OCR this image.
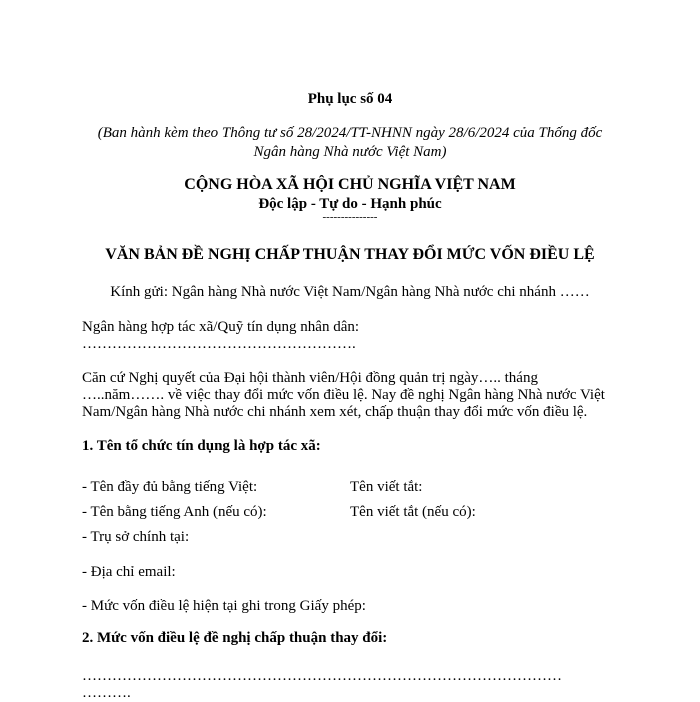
Phụ lục số 04
(Ban hành kèm theo Thông tư số 28/2024/TT-NHNN ngày 28/6/2024 của Thống đốc
Ngân hàng Nhà nước Việt Nam)
CỘNG HÒA XÃ HỘI CHỦ NGHĨA VIỆT NAM
Độc lập - Tự do - Hạnh phúc
---------------
VĂN BẢN ĐỀ NGHỊ CHẤP THUẬN THAY ĐỔI MỨC VỐN ĐIỀU LỆ
Kính gửi: Ngân hàng Nhà nước Việt Nam/Ngân hàng Nhà nước chi nhánh ……
Ngân hàng hợp tác xã/Quỹ tín dụng nhân dân:
……………………………………………….
Căn cứ Nghị quyết của Đại hội thành viên/Hội đồng quản trị ngày….. tháng
…..năm……. về việc thay đổi mức vốn điều lệ. Nay đề nghị Ngân hàng Nhà nước Việt
Nam/Ngân hàng Nhà nước chi nhánh xem xét, chấp thuận thay đổi mức vốn điều lệ.
1. Tên tổ chức tín dụng là hợp tác xã:
- Tên đầy đủ bằng tiếng Việt:	Tên viết tắt:
- Tên bằng tiếng Anh (nếu có):	Tên viết tắt (nếu có):
- Trụ sở chính tại:
- Địa chỉ email:
- Mức vốn điều lệ hiện tại ghi trong Giấy phép:
2. Mức vốn điều lệ đề nghị chấp thuận thay đổi:
……………………………………………………………………………………
……….
